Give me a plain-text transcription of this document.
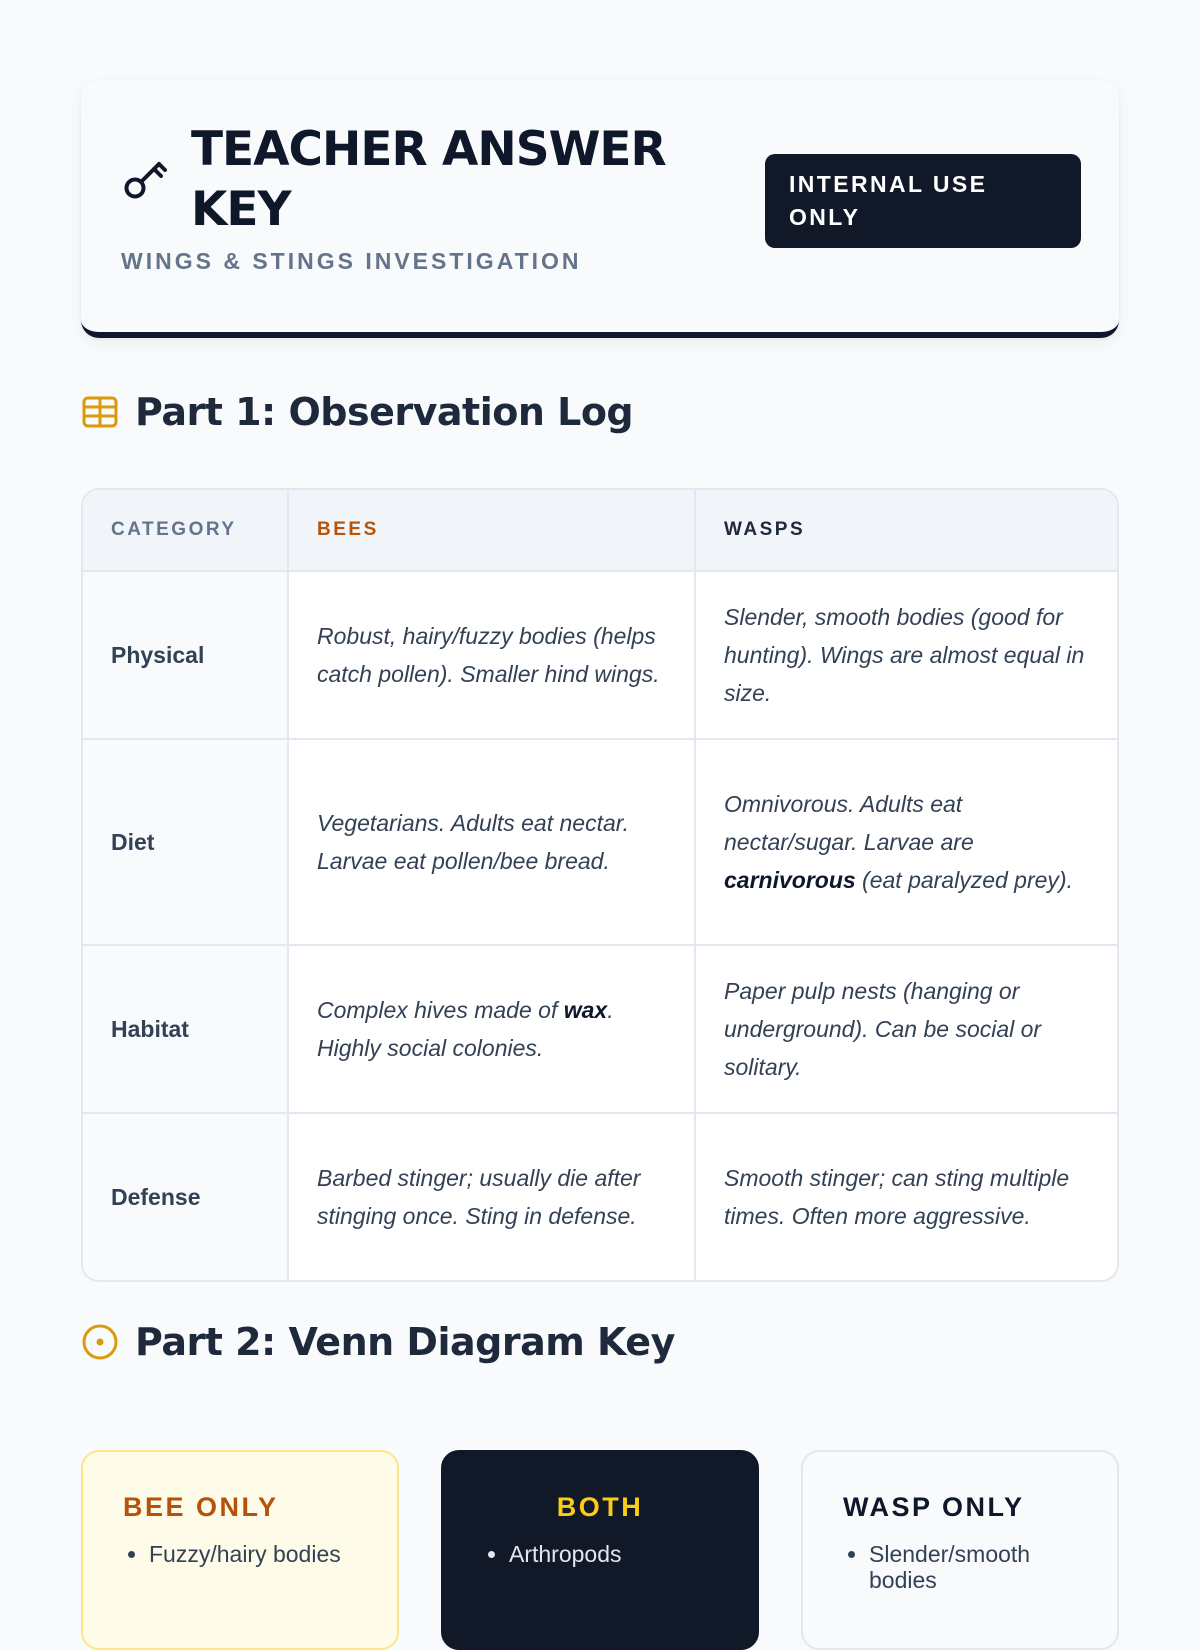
TEACHER ANSWER KEY
WINGS & STINGS INVESTIGATION
INTERNAL USE ONLY
Part 1: Observation Log
CATEGORY	BEES	WASPS
Physical	Robust, hairy/fuzzy bodies (helps catch pollen). Smaller hind wings.	Slender, smooth bodies (good for hunting). Wings are almost equal in size.
Diet	Vegetarians. Adults eat nectar. Larvae eat pollen/bee bread.	Omnivorous. Adults eat nectar/sugar. Larvae are carnivorous (eat paralyzed prey).
Habitat	Complex hives made of wax. Highly social colonies.	Paper pulp nests (hanging or underground). Can be social or solitary.
Defense	Barbed stinger; usually die after stinging once. Sting in defense.	Smooth stinger; can sting multiple times. Often more aggressive.
Part 2: Venn Diagram Key
BEE ONLY
• Fuzzy/hairy bodies
BOTH
• Arthropods
WASP ONLY
• Slender/smooth bodies
